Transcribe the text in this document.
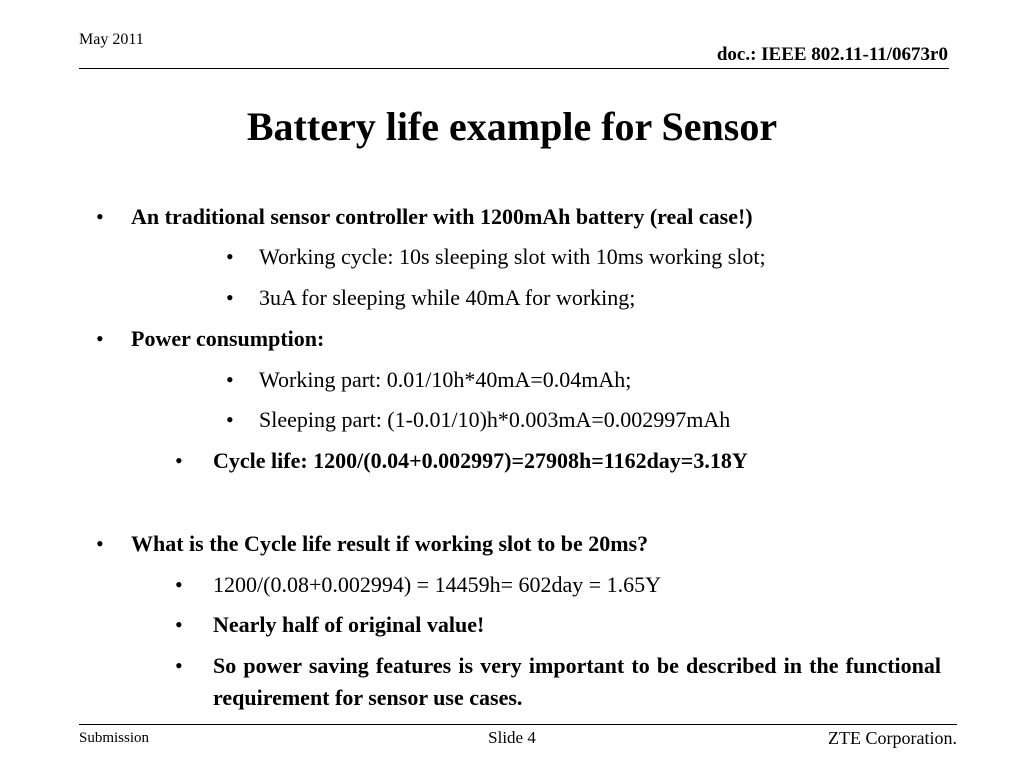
May 2011
doc.: IEEE 802.11-11/0673r0
Battery life example for Sensor
•	An traditional sensor controller with 1200mAh battery (real case!)
•	Working cycle: 10s sleeping slot with 10ms working slot;
•	3uA for sleeping while 40mA for working;
•	Power consumption:
•	Working part: 0.01/10h*40mA=0.04mAh;
•	Sleeping part: (1-0.01/10)h*0.003mA=0.002997mAh
•	Cycle life: 1200/(0.04+0.002997)=27908h=1162day=3.18Y
•	What is the Cycle life result if working slot to be 20ms?
•	1200/(0.08+0.002994) = 14459h= 602day = 1.65Y
•	Nearly half of original value!
•	So power saving features is very important to be described in the functional requirement for sensor use cases.
Submission	Slide 4	ZTE Corporation.
